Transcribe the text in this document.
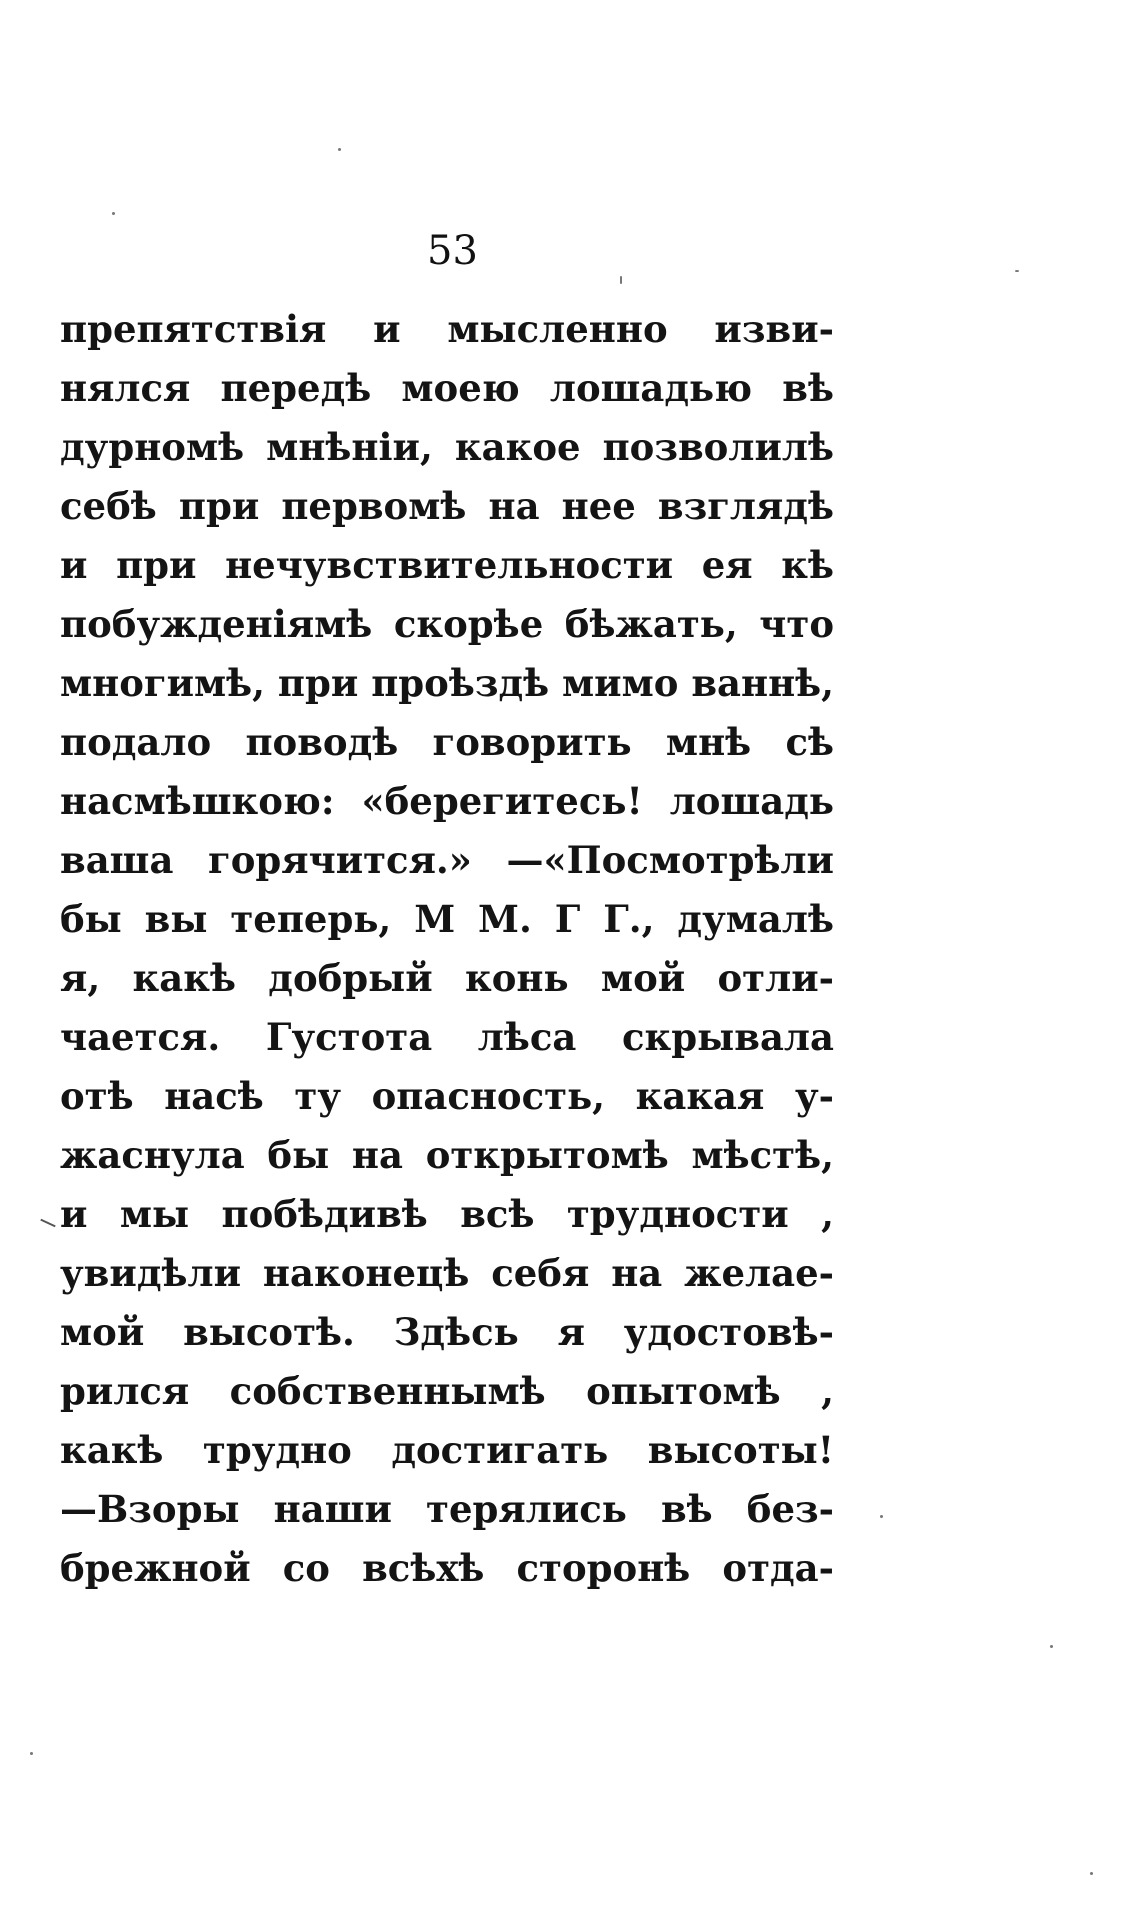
53
препятствія и мысленно изви-
нялся передѣ моею лошадью вѣ
дурномѣ мнѣніи, какое позволилѣ
себѣ при первомѣ на нее взглядѣ
и при нечувствительности ея кѣ
побужденіямѣ скорѣе бѣжать, что
многимѣ, при проѣздѣ мимо ваннѣ,
подало поводѣ говорить мнѣ сѣ
насмѣшкою: «берегитесь! лошадь
ваша горячится.» —«Посмотрѣли
бы вы теперь, М М. Г Г., думалѣ
я, какѣ добрый конь мой отли-
чается. Густота лѣса скрывала
отѣ насѣ ту опасность, какая у-
жаснула бы на открытомѣ мѣстѣ,
и мы побѣдивѣ всѣ трудности ,
увидѣли наконецѣ себя на желае-
мой высотѣ. Здѣсь я удостовѣ-
рился собственнымѣ опытомѣ ,
какѣ трудно достигать высоты!
—Взоры наши терялись вѣ без-
брежной со всѣхѣ сторонѣ отда-
